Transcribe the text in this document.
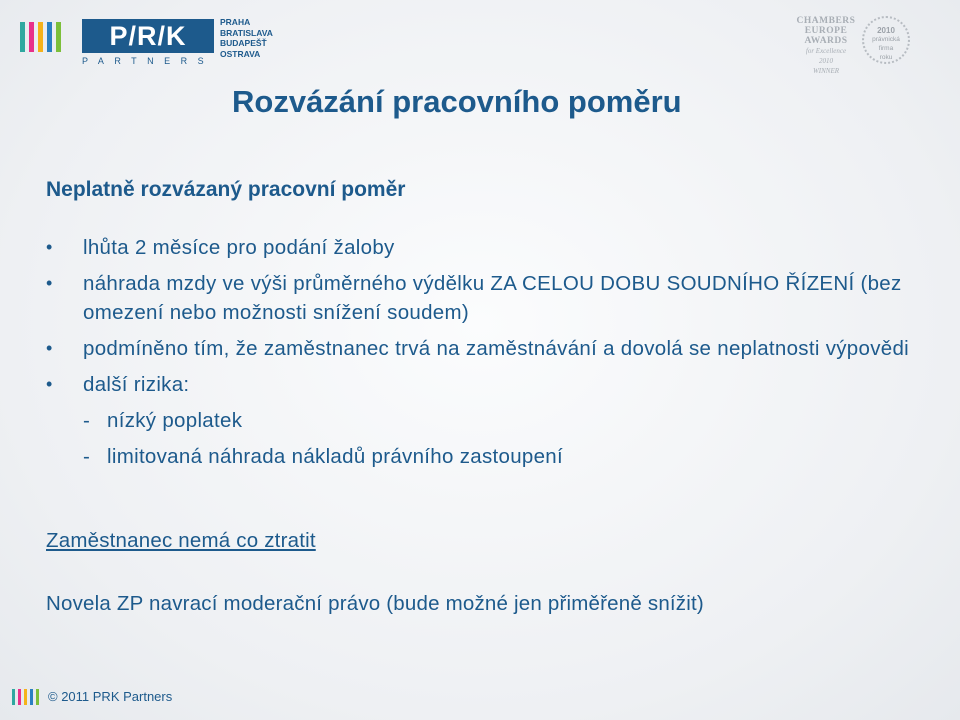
P/R/K
PARTNERS
PRAHA
BRATISLAVA
BUDAPEŠŤ
OSTRAVA
CHAMBERS
EUROPE
AWARDS
for Excellence
2010
WINNER
2010
právnická
firma
roku
Rozvázání pracovního poměru
Neplatně rozvázaný pracovní poměr
• lhůta 2 měsíce pro podání žaloby
• náhrada mzdy ve výši průměrného výdělku ZA CELOU DOBU SOUDNÍHO ŘÍZENÍ (bez omezení nebo možnosti snížení soudem)
• podmíněno tím, že zaměstnanec trvá na zaměstnávání a dovolá se neplatnosti výpovědi
• další rizika:
- nízký poplatek
- limitovaná náhrada nákladů právního zastoupení
Zaměstnanec nemá co ztratit
Novela ZP navrací moderační právo (bude možné jen přiměřeně snížit)
© 2011 PRK Partners
